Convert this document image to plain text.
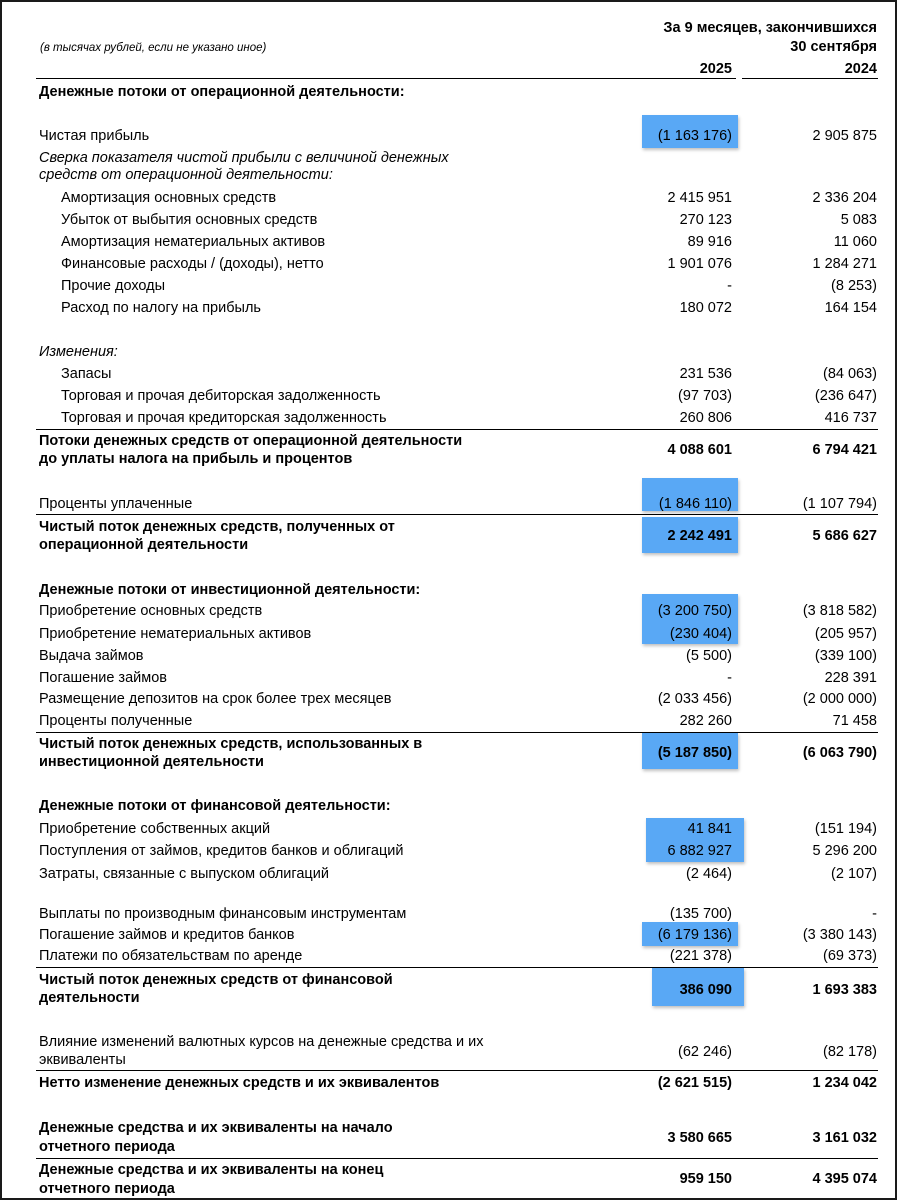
За 9 месяцев, закончившихся
(в тысячах рублей, если не указано иное)	30 сентября
2025	2024
Денежные потоки от операционной деятельности:
Чистая прибыль	(1 163 176)	2 905 875
Сверка показателя чистой прибыли с величиной денежных
средств от операционной деятельности:
Амортизация основных средств	2 415 951	2 336 204
Убыток от выбытия основных средств	270 123	5 083
Амортизация нематериальных активов	89 916	11 060
Финансовые расходы / (доходы), нетто	1 901 076	1 284 271
Прочие доходы	-	(8 253)
Расход по налогу на прибыль	180 072	164 154
Изменения:
Запасы	231 536	(84 063)
Торговая и прочая дебиторская задолженность	(97 703)	(236 647)
Торговая и прочая кредиторская задолженность	260 806	416 737
Потоки денежных средств от операционной деятельности
до уплаты налога на прибыль и процентов
4 088 601	6 794 421
Проценты уплаченные	(1 846 110)	(1 107 794)
Чистый поток денежных средств, полученных от
операционной деятельности
2 242 491	5 686 627
Денежные потоки от инвестиционной деятельности:
Приобретение основных средств	(3 200 750)	(3 818 582)
Приобретение нематериальных активов	(230 404)	(205 957)
Выдача займов	(5 500)	(339 100)
Погашение займов	-	228 391
Размещение депозитов на срок более трех месяцев	(2 033 456)	(2 000 000)
Проценты полученные	282 260	71 458
Чистый поток денежных средств, использованных в
инвестиционной деятельности
(5 187 850)	(6 063 790)
Денежные потоки от финансовой деятельности:
Приобретение собственных акций	41 841	(151 194)
Поступления от займов, кредитов банков и облигаций	6 882 927	5 296 200
Затраты, связанные с выпуском облигаций	(2 464)	(2 107)
Выплаты по производным финансовым инструментам	(135 700)	-
Погашение займов и кредитов банков	(6 179 136)	(3 380 143)
Платежи по обязательствам по аренде	(221 378)	(69 373)
Чистый поток денежных средств от финансовой
деятельности	386 090	1 693 383
Влияние изменений валютных курсов на денежные средства и их
эквиваленты	(62 246)	(82 178)
Нетто изменение денежных средств и их эквивалентов	(2 621 515)	1 234 042
Денежные средства и их эквиваленты на начало
отчетного периода
3 580 665	3 161 032
Денежные средства и их эквиваленты на конец
отчетного периода
959 150	4 395 074
